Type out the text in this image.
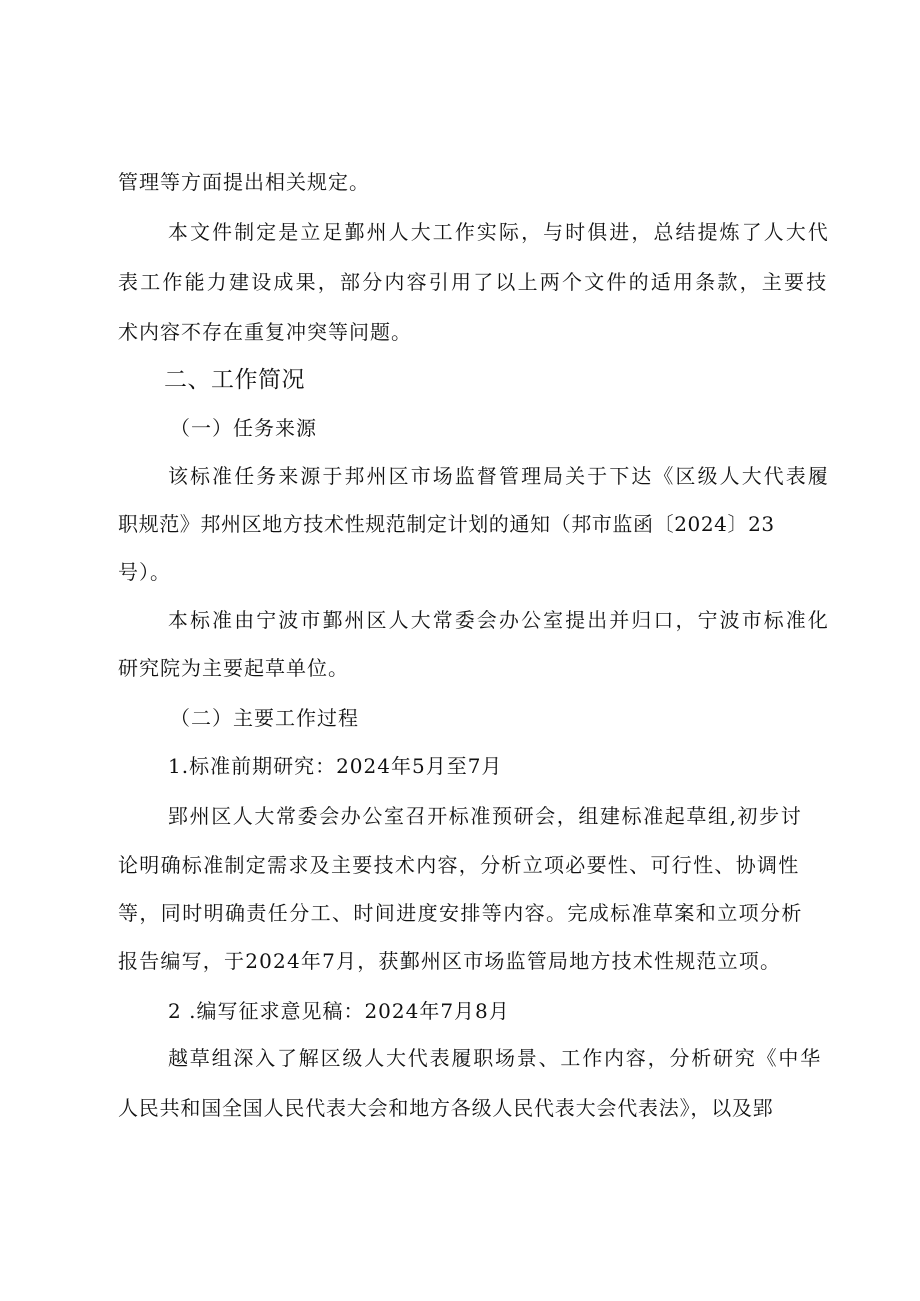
管理等方面提出相关规定。
本文件制定是立足鄞州人大工作实际，与时俱进，总结提炼了人大代
表工作能力建设成果，部分内容引用了以上两个文件的适用条款，主要技
术内容不存在重复冲突等问题。
二、工作简况
（一）任务来源
该标准任务来源于邦州区市场监督管理局关于下达《区级人大代表履
职规范》邦州区地方技术性规范制定计划的通知（邦市监函〔2024〕23
号）。
本标准由宁波市鄞州区人大常委会办公室提出并归口，宁波市标准化
研究院为主要起草单位。
（二）主要工作过程
1.标准前期研究：2024年5月至7月
郢州区人大常委会办公室召开标准预研会，组建标准起草组,初步讨
论明确标准制定需求及主要技术内容，分析立项必要性、可行性、协调性
等，同时明确责任分工、时间进度安排等内容。完成标准草案和立项分析
报告编写，于2024年7月，获鄞州区市场监管局地方技术性规范立项。
2 .编写征求意见稿：2024年7月8月
越草组深入了解区级人大代表履职场景、工作内容，分析研究《中华
人民共和国全国人民代表大会和地方各级人民代表大会代表法》，以及郢
